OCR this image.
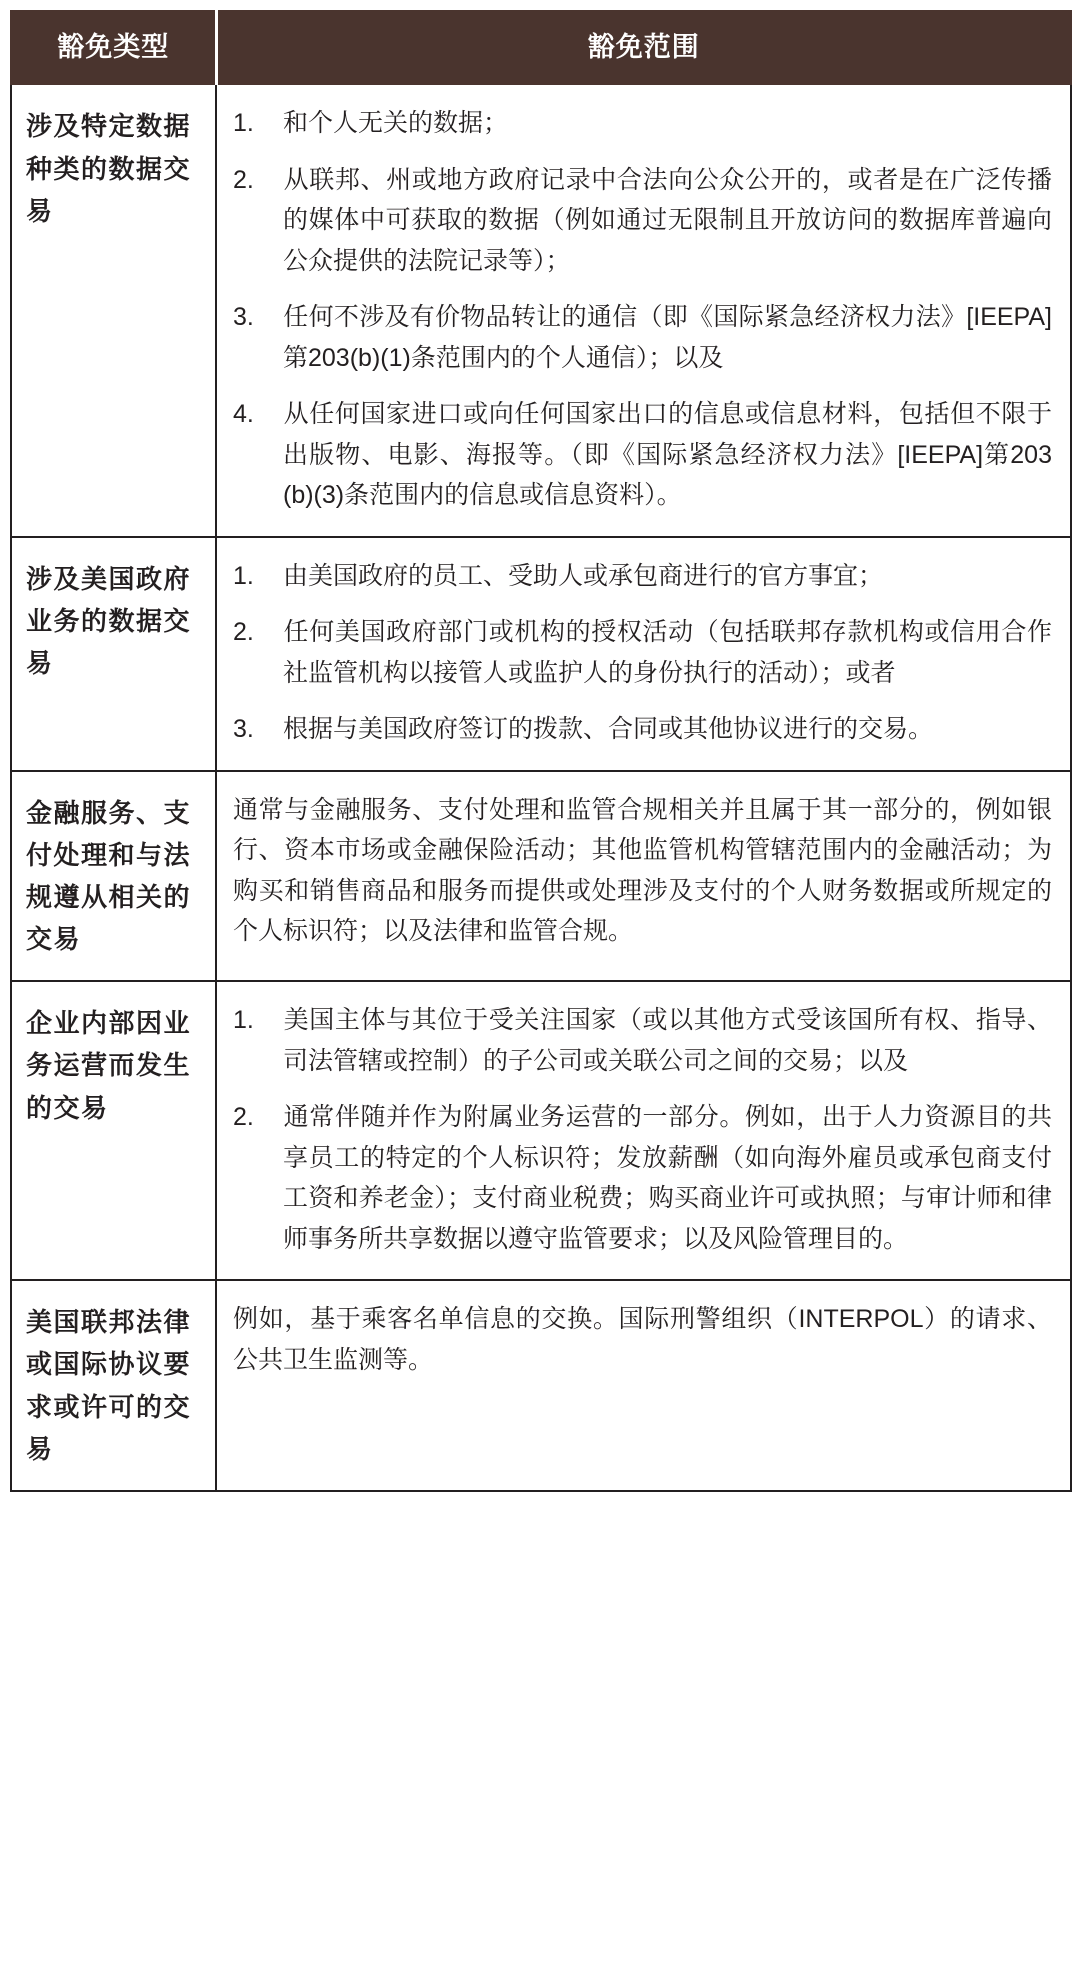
豁免类型	豁免范围
涉及特定数据种类的数据交易	1. 和个人无关的数据；

2. 从联邦、州或地方政府记录中合法向公众公开的，或者是在广泛传播的媒体中可获取的数据（例如通过无限制且开放访问的数据库普遍向公众提供的法院记录等）；

3. 任何不涉及有价物品转让的通信（即《国际紧急经济权力法》[IEEPA]第203(b)(1)条范围内的个人通信）；以及

4. 从任何国家进口或向任何国家出口的信息或信息材料，包括但不限于出版物、电影、海报等。（即《国际紧急经济权力法》[IEEPA]第203(b)(3)条范围内的信息或信息资料）。

涉及美国政府业务的数据交易	1. 由美国政府的员工、受助人或承包商进行的官方事宜；

2. 任何美国政府部门或机构的授权活动（包括联邦存款机构或信用合作社监管机构以接管人或监护人的身份执行的活动）；或者

3. 根据与美国政府签订的拨款、合同或其他协议进行的交易。

金融服务、支付处理和与法规遵从相关的交易	通常与金融服务、支付处理和监管合规相关并且属于其一部分的，例如银行、资本市场或金融保险活动；其他监管机构管辖范围内的金融活动；为购买和销售商品和服务而提供或处理涉及支付的个人财务数据或所规定的个人标识符；以及法律和监管合规。

企业内部因业务运营而发生的交易	1. 美国主体与其位于受关注国家（或以其他方式受该国所有权、指导、司法管辖或控制）的子公司或关联公司之间的交易；以及

2. 通常伴随并作为附属业务运营的一部分。例如，出于人力资源目的共享员工的特定的个人标识符；发放薪酬（如向海外雇员或承包商支付工资和养老金）；支付商业税费；购买商业许可或执照；与审计师和律师事务所共享数据以遵守监管要求；以及风险管理目的。

美国联邦法律或国际协议要求或许可的交易	例如，基于乘客名单信息的交换。国际刑警组织（INTERPOL）的请求、公共卫生监测等。
